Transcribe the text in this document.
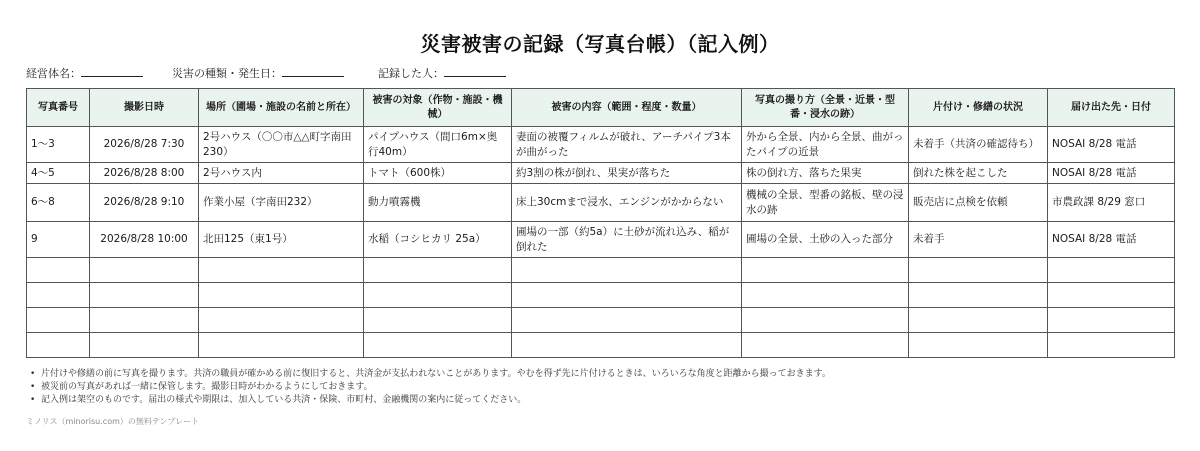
災害被害の記録（写真台帳）（記入例）
経営体名：	災害の種類・発生日：	記録した人：
写真番号	撮影日時	場所（圃場・施設の名前と所在）	被害の対象（作物・施設・機械）	被害の内容（範囲・程度・数量）	写真の撮り方（全景・近景・型番・浸水の跡）	片付け・修繕の状況	届け出た先・日付
1〜3	2026/8/28 7:30	2号ハウス（〇〇市△△町字南田230）	パイプハウス（間口6m×奥行40m）	妻面の被覆フィルムが破れ、アーチパイプ3本が曲がった	外から全景、内から全景、曲がったパイプの近景	未着手（共済の確認待ち）	NOSAI 8/28 電話
4〜5	2026/8/28 8:00	2号ハウス内	トマト（600株）	約3割の株が倒れ、果実が落ちた	株の倒れ方、落ちた果実	倒れた株を起こした	NOSAI 8/28 電話
6〜8	2026/8/28 9:10	作業小屋（字南田232）	動力噴霧機	床上30cmまで浸水、エンジンがかからない	機械の全景、型番の銘板、壁の浸水の跡	販売店に点検を依頼	市農政課 8/29 窓口
9	2026/8/28 10:00	北田125（東1号）	水稲（コシヒカリ 25a）	圃場の一部（約5a）に土砂が流れ込み、稲が倒れた	圃場の全景、土砂の入った部分	未着手	NOSAI 8/28 電話

• 片付けや修繕の前に写真を撮ります。共済の職員が確かめる前に復旧すると、共済金が支払われないことがあります。やむを得ず先に片付けるときは、いろいろな角度と距離から撮っておきます。
• 被災前の写真があれば一緒に保管します。撮影日時がわかるようにしておきます。
• 記入例は架空のものです。届出の様式や期限は、加入している共済・保険、市町村、金融機関の案内に従ってください。
ミノリス（minorisu.com）の無料テンプレート
